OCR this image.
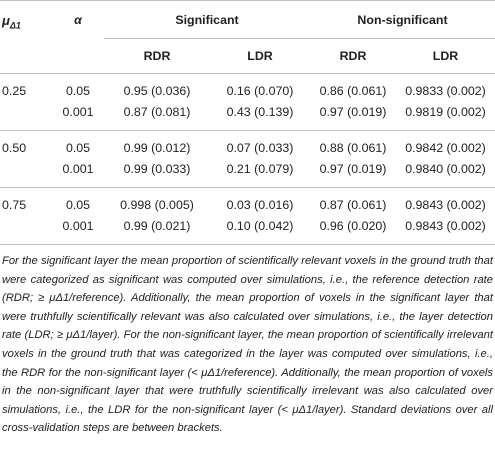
$\mu_{\Delta 1}$	α	Significant		Non-significant	
		RDR	LDR	RDR	LDR
0.25	0.05	0.95 (0.036)	0.16 (0.070)	0.86 (0.061)	0.9833 (0.002)
	0.001	0.87 (0.081)	0.43 (0.139)	0.97 (0.019)	0.9819 (0.002)
0.50	0.05	0.99 (0.012)	0.07 (0.033)	0.88 (0.061)	0.9842 (0.002)
	0.001	0.99 (0.033)	0.21 (0.079)	0.97 (0.019)	0.9840 (0.002)
0.75	0.05	0.998 (0.005)	0.03 (0.016)	0.87 (0.061)	0.9843 (0.002)
	0.001	0.99 (0.021)	0.10 (0.042)	0.96 (0.020)	0.9843 (0.002)
For the significant layer the mean proportion of scientifically relevant voxels in the ground truth that were categorized as significant was computed over simulations, i.e., the reference detection rate (RDR; ≥ μΔ1/reference). Additionally, the mean proportion of voxels in the significant layer that were truthfully scientifically relevant was also calculated over simulations, i.e., the layer detection rate (LDR; ≥ μΔ1/layer). For the non-significant layer, the mean proportion of scientifically irrelevant voxels in the ground truth that was categorized in the layer was computed over simulations, i.e., the RDR for the non-significant layer (< μΔ1/reference). Additionally, the mean proportion of voxels in the non-significant layer that were truthfully scientifically irrelevant was also calculated over simulations, i.e., the LDR for the non-significant layer (< μΔ1/layer). Standard deviations over all cross-validation steps are between brackets.
